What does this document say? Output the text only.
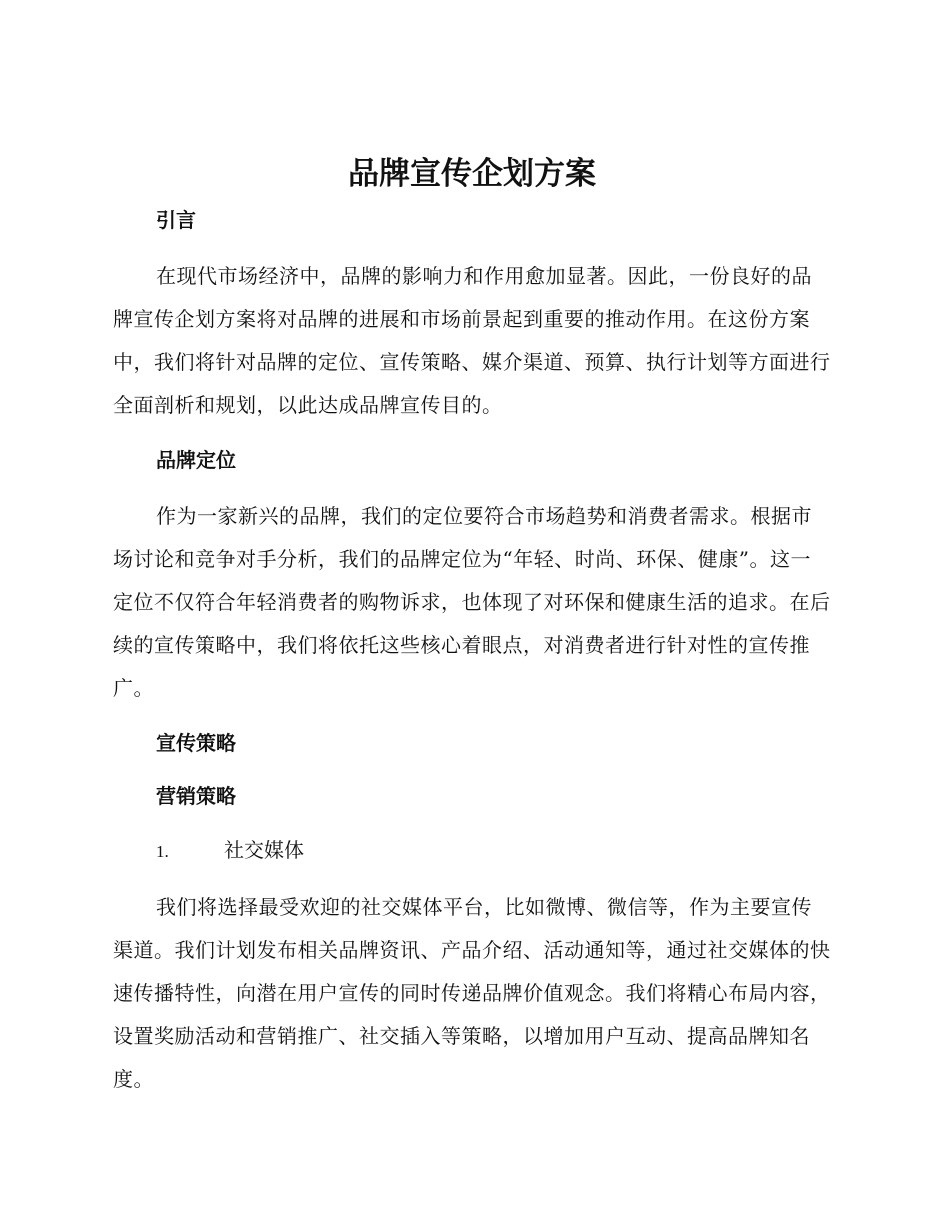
品牌宣传企划方案

引言

在现代市场经济中，品牌的影响力和作用愈加显著。因此，一份良好的品牌宣传企划方案将对品牌的进展和市场前景起到重要的推动作用。在这份方案中，我们将针对品牌的定位、宣传策略、媒介渠道、预算、执行计划等方面进行全面剖析和规划，以此达成品牌宣传目的。

品牌定位

作为一家新兴的品牌，我们的定位要符合市场趋势和消费者需求。根据市场讨论和竞争对手分析，我们的品牌定位为“年轻、时尚、环保、健康”。这一定位不仅符合年轻消费者的购物诉求，也体现了对环保和健康生活的追求。在后续的宣传策略中，我们将依托这些核心着眼点，对消费者进行针对性的宣传推广。

宣传策略

营销策略

1.	社交媒体

我们将选择最受欢迎的社交媒体平台，比如微博、微信等，作为主要宣传渠道。我们计划发布相关品牌资讯、产品介绍、活动通知等，通过社交媒体的快速传播特性，向潜在用户宣传的同时传递品牌价值观念。我们将精心布局内容，设置奖励活动和营销推广、社交插入等策略，以增加用户互动、提高品牌知名度。
